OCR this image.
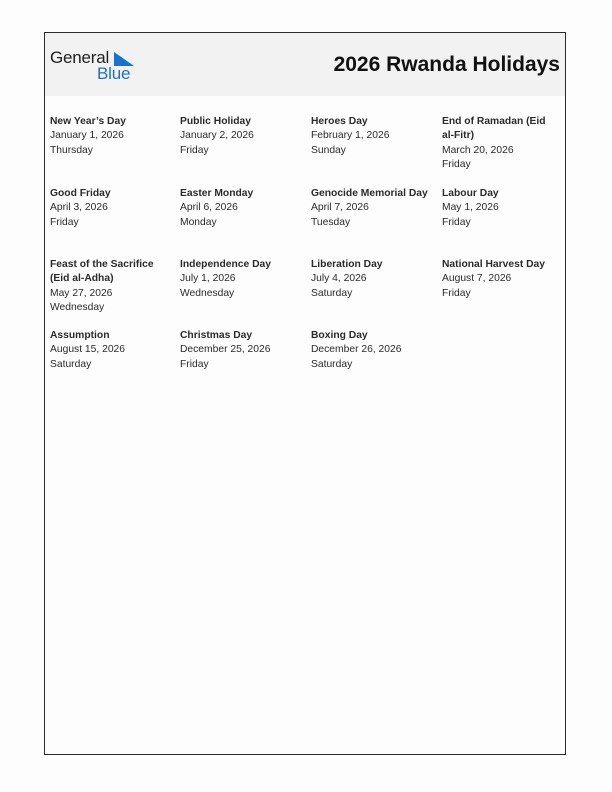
General
Blue	2026 Rwanda Holidays
New Year’s Day
January 1, 2026
Thursday
Public Holiday
January 2, 2026
Friday
Heroes Day
February 1, 2026
Sunday
End of Ramadan (Eid al-Fitr)
March 20, 2026
Friday
Good Friday
April 3, 2026
Friday
Easter Monday
April 6, 2026
Monday
Genocide Memorial Day
April 7, 2026
Tuesday
Labour Day
May 1, 2026
Friday
Feast of the Sacrifice (Eid al-Adha)
May 27, 2026
Wednesday
Independence Day
July 1, 2026
Wednesday
Liberation Day
July 4, 2026
Saturday
National Harvest Day
August 7, 2026
Friday
Assumption
August 15, 2026
Saturday
Christmas Day
December 25, 2026
Friday
Boxing Day
December 26, 2026
Saturday
